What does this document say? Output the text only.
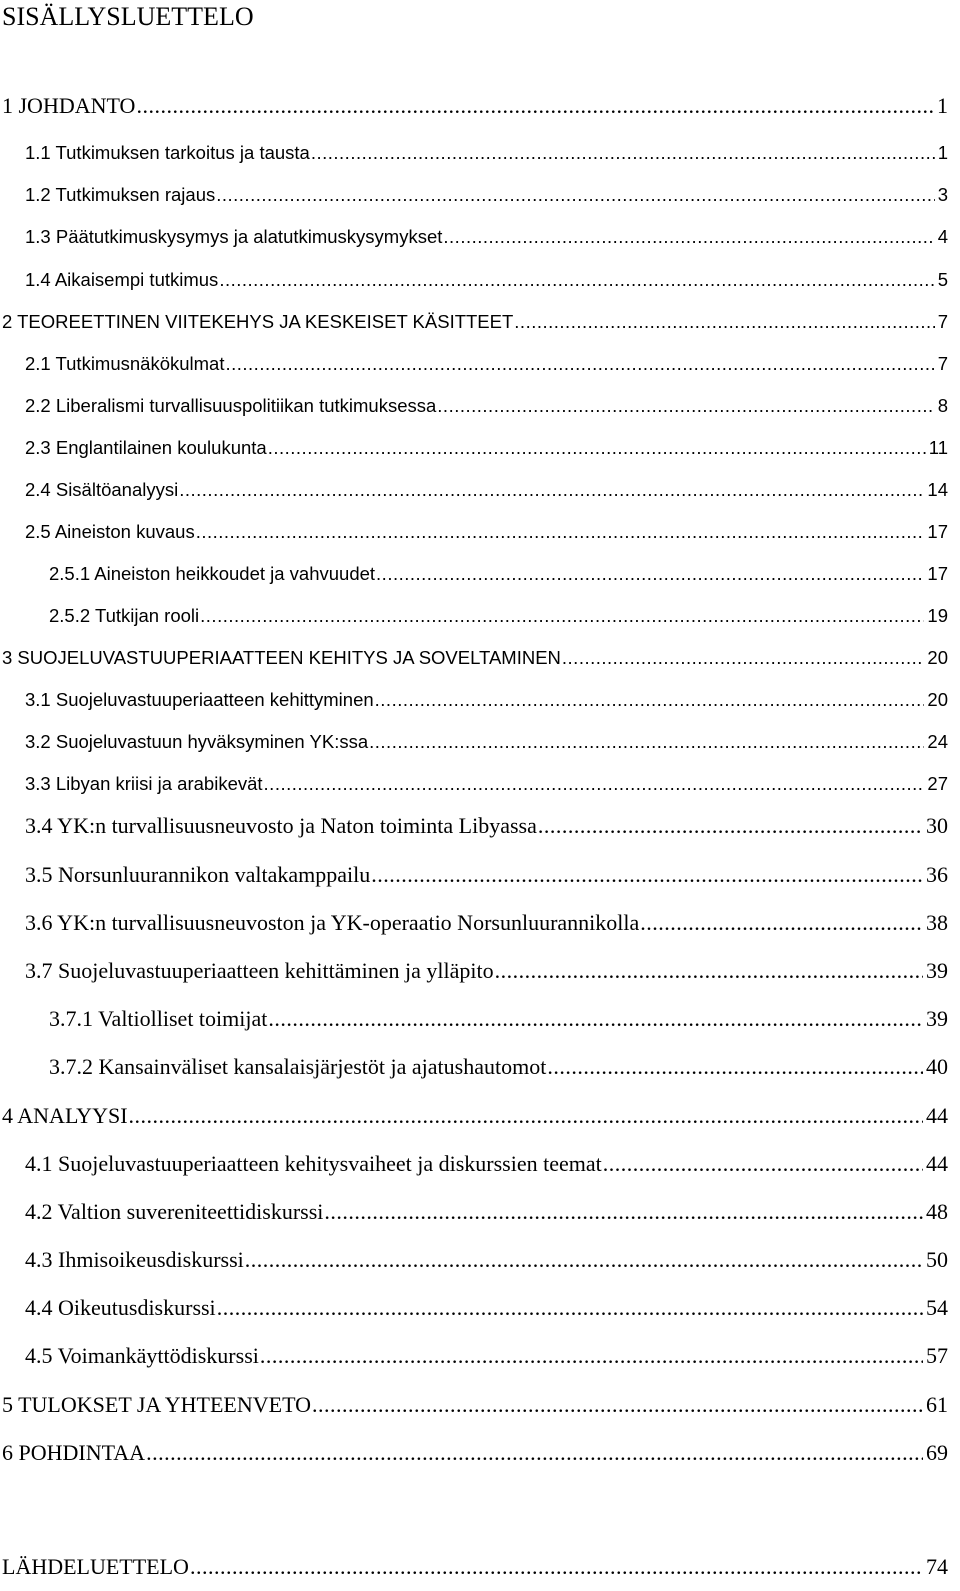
SISÄLLYSLUETTELO
1 JOHDANTO .....	1
1.1 Tutkimuksen tarkoitus ja tausta .....	1
1.2 Tutkimuksen rajaus .....	3
1.3 Päätutkimuskysymys ja alatutkimuskysymykset .....	4
1.4 Aikaisempi tutkimus .....	5
2 TEOREETTINEN VIITEKEHYS JA KESKEISET KÄSITTEET .....	7
2.1 Tutkimusnäkökulmat .....	7
2.2 Liberalismi turvallisuuspolitiikan tutkimuksessa .....	8
2.3 Englantilainen koulukunta .....	11
2.4 Sisältöanalyysi .....	14
2.5 Aineiston kuvaus .....	17
2.5.1 Aineiston heikkoudet ja vahvuudet .....	17
2.5.2 Tutkijan rooli .....	19
3 SUOJELUVASTUUPERIAATTEEN KEHITYS JA SOVELTAMINEN .....	20
3.1 Suojeluvastuuperiaatteen kehittyminen .....	20
3.2 Suojeluvastuun hyväksyminen YK:ssa .....	24
3.3 Libyan kriisi ja arabikevät .....	27
3.4 YK:n turvallisuusneuvosto ja Naton toiminta Libyassa .....	30
3.5 Norsunluurannikon valtakamppailu .....	36
3.6 YK:n turvallisuusneuvoston ja YK-operaatio Norsunluurannikolla .....	38
3.7 Suojeluvastuuperiaatteen kehittäminen ja ylläpito .....	39
3.7.1 Valtiolliset toimijat .....	39
3.7.2 Kansainväliset kansalaisjärjestöt ja ajatushautomot .....	40
4 ANALYYSI .....	44
4.1 Suojeluvastuuperiaatteen kehitysvaiheet ja diskurssien teemat .....	44
4.2 Valtion suvereniteettidiskurssi .....	48
4.3 Ihmisoikeusdiskurssi .....	50
4.4 Oikeutusdiskurssi .....	54
4.5 Voimankäyttödiskurssi .....	57
5 TULOKSET JA YHTEENVETO .....	61
6 POHDINTAA .....	69
LÄHDELUETTELO .....	74
